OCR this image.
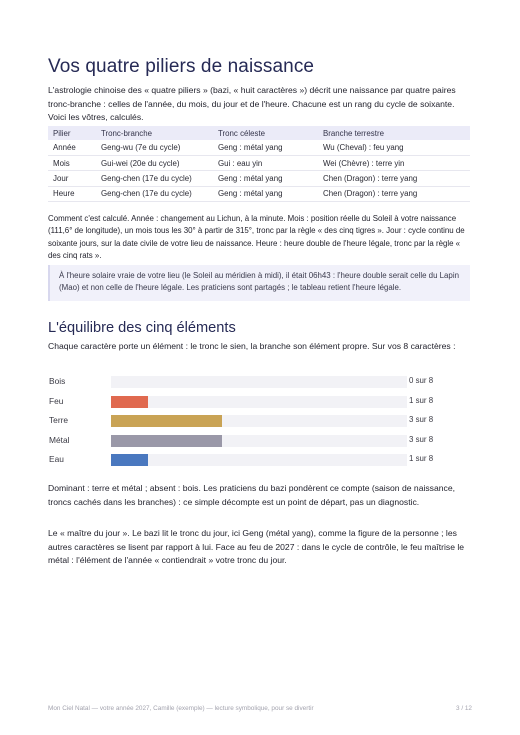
Vos quatre piliers de naissance

L'astrologie chinoise des « quatre piliers » (bazi, « huit caractères ») décrit une naissance par quatre paires tronc-branche : celles de l'année, du mois, du jour et de l'heure. Chacune est un rang du cycle de soixante. Voici les vôtres, calculés.

Pilier	Tronc-branche	Tronc céleste	Branche terrestre
Année	Geng-wu (7e du cycle)	Geng : métal yang	Wu (Cheval) : feu yang
Mois	Gui-wei (20e du cycle)	Gui : eau yin	Wei (Chèvre) : terre yin
Jour	Geng-chen (17e du cycle)	Geng : métal yang	Chen (Dragon) : terre yang
Heure	Geng-chen (17e du cycle)	Geng : métal yang	Chen (Dragon) : terre yang

Comment c'est calculé. Année : changement au Lichun, à la minute. Mois : position réelle du Soleil à votre naissance (111,6° de longitude), un mois tous les 30° à partir de 315°, tronc par la règle « des cinq tigres ». Jour : cycle continu de soixante jours, sur la date civile de votre lieu de naissance. Heure : heure double de l'heure légale, tronc par la règle « des cinq rats ».

À l'heure solaire vraie de votre lieu (le Soleil au méridien à midi), il était 06h43 : l'heure double serait celle du Lapin (Mao) et non celle de l'heure légale. Les praticiens sont partagés ; le tableau retient l'heure légale.
L'équilibre des cinq éléments

Chaque caractère porte un élément : le tronc le sien, la branche son élément propre. Sur vos 8 caractères :

Bois	0 sur 8
Feu	1 sur 8
Terre	3 sur 8
Métal	3 sur 8
Eau	1 sur 8

Dominant : terre et métal ; absent : bois. Les praticiens du bazi pondèrent ce compte (saison de naissance, troncs cachés dans les branches) : ce simple décompte est un point de départ, pas un diagnostic.

Le « maître du jour ». Le bazi lit le tronc du jour, ici Geng (métal yang), comme la figure de la personne ; les autres caractères se lisent par rapport à lui. Face au feu de 2027 : dans le cycle de contrôle, le feu maîtrise le métal : l'élément de l'année « contiendrait » votre tronc du jour.

Mon Ciel Natal — votre année 2027, Camille (exemple) — lecture symbolique, pour se divertir	3 / 12
